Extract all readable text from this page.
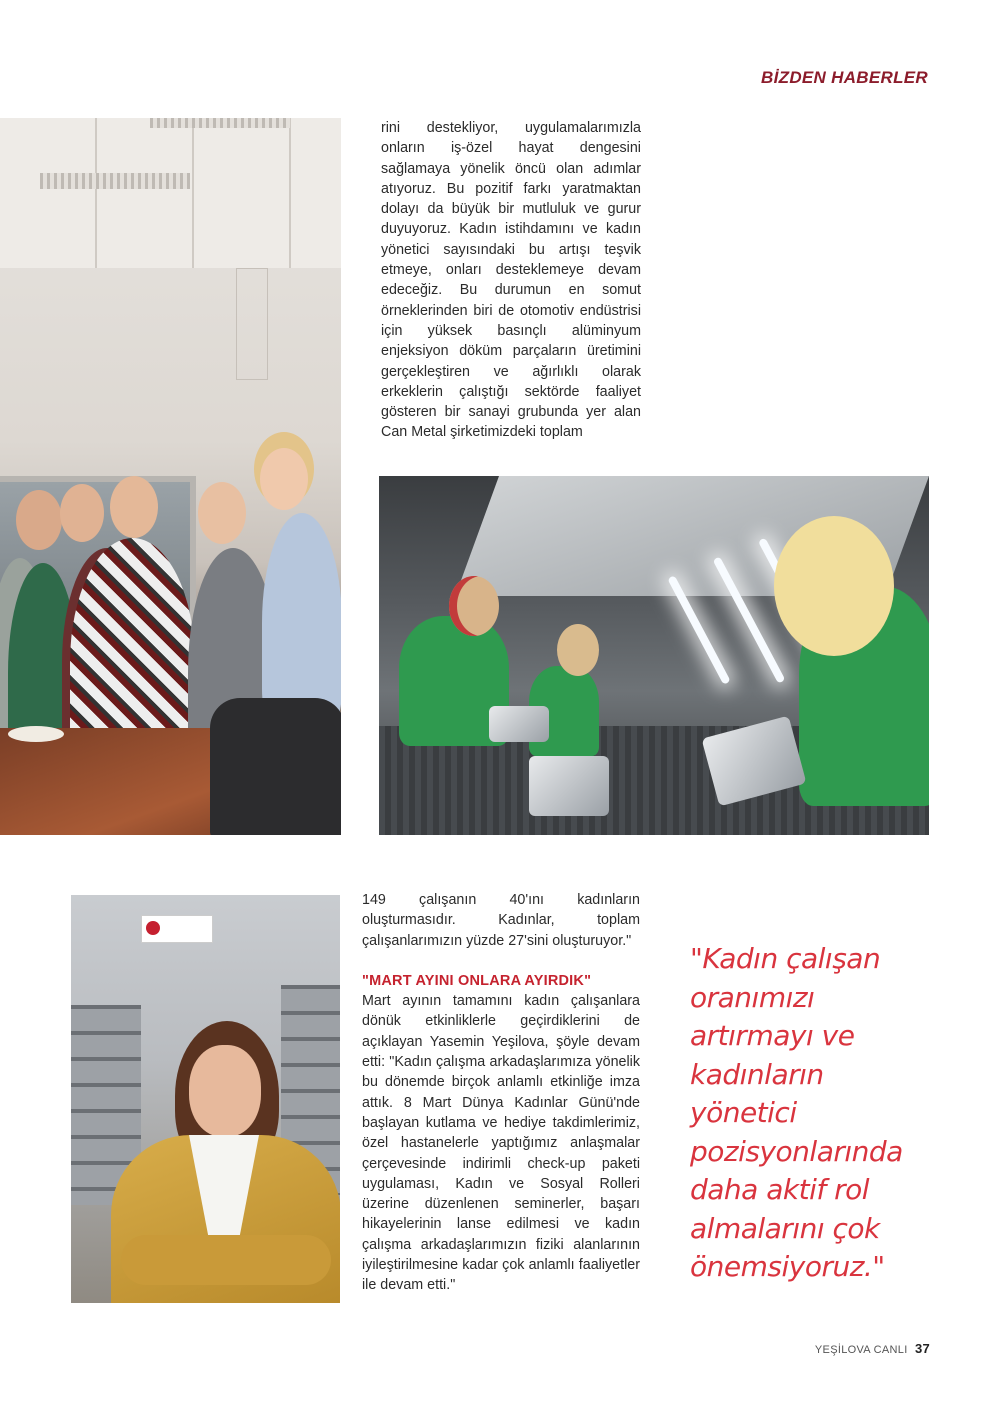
BİZDEN HABERLER

rini destekliyor, uygulamalarımızla onların iş-özel hayat dengesini sağlamaya yönelik öncü olan adımlar atıyoruz. Bu pozitif farkı yaratmaktan dolayı da büyük bir mutluluk ve gurur duyuyoruz. Kadın istihdamını ve kadın yönetici sayısındaki bu artışı teşvik etmeye, onları desteklemeye devam edeceğiz. Bu durumun en somut örneklerinden biri de otomotiv endüstrisi için yüksek basınçlı alüminyum enjeksiyon döküm parçaların üretimini gerçekleştiren ve ağırlıklı olarak erkeklerin çalıştığı sektörde faaliyet gösteren bir sanayi grubunda yer alan Can Metal şirketimizdeki toplam

149 çalışanın 40'ını kadınların oluşturmasıdır. Kadınlar, toplam çalışanlarımızın yüzde 27'sini oluşturuyor."

"MART AYINI ONLARA AYIRDIK"

Mart ayının tamamını kadın çalışanlara dönük etkinliklerle geçirdiklerini de açıklayan Yasemin Yeşilova, şöyle devam etti: "Kadın çalışma arkadaşlarımıza yönelik bu dönemde birçok anlamlı etkinliğe imza attık. 8 Mart Dünya Kadınlar Günü'nde başlayan kutlama ve hediye takdimlerimiz, özel hastanelerle yaptığımız anlaşmalar çerçevesinde indirimli check-up paketi uygulaması, Kadın ve Sosyal Rolleri üzerine düzenlenen seminerler, başarı hikayelerinin lanse edilmesi ve kadın çalışma arkadaşlarımızın fiziki alanlarının iyileştirilmesine kadar çok anlamlı faaliyetler ile devam etti."

"Kadın çalışan oranımızı artırmayı ve kadınların yönetici pozisyonlarında daha aktif rol almalarını çok önemsiyoruz."
YEŞİLOVA CANLI 37
